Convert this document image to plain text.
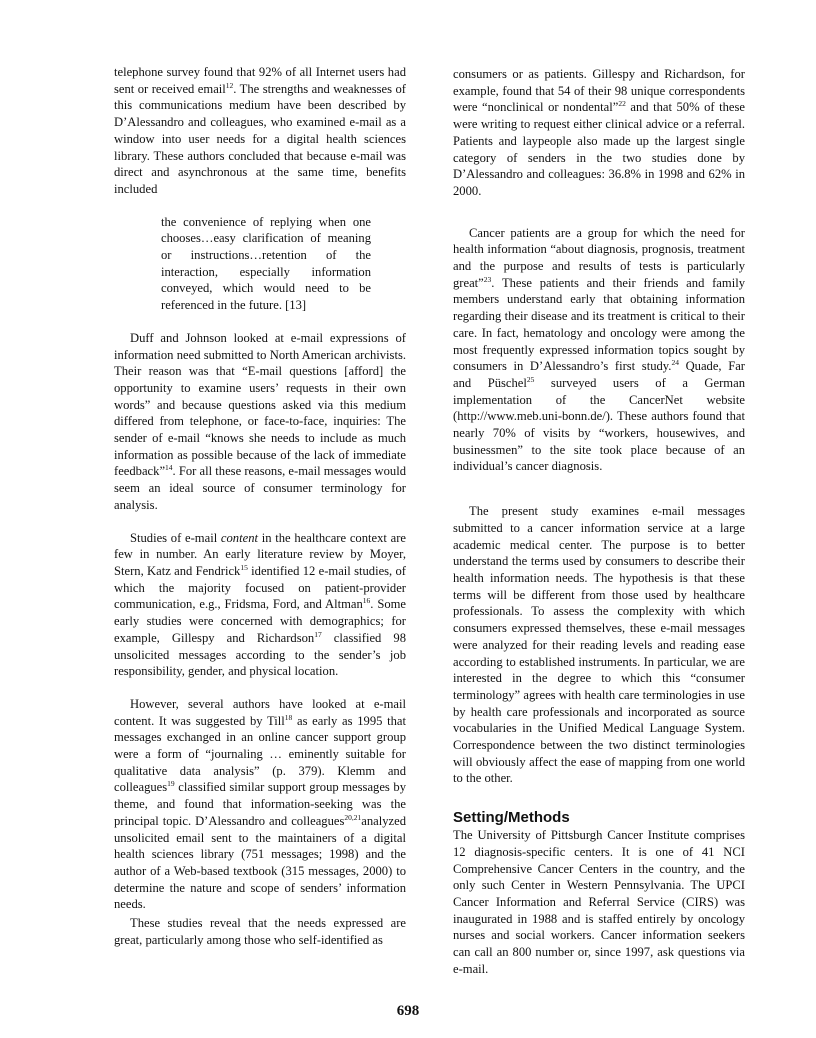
telephone survey found that 92% of all Internet users had sent or received email$^{12}$. The strengths and weaknesses of this communications medium have been described by D’Alessandro and colleagues, who examined e-mail as a window into user needs for a digital health sciences library. These authors concluded that because e-mail was direct and asynchronous at the same time, benefits included

the convenience of replying when one chooses…easy clarification of meaning or instructions…retention of the interaction, especially information conveyed, which would need to be referenced in the future. [13]

Duff and Johnson looked at e-mail expressions of information need submitted to North American archivists. Their reason was that “E-mail questions [afford] the opportunity to examine users’ requests in their own words” and because questions asked via this medium differed from telephone, or face-to-face, inquiries: The sender of e-mail “knows she needs to include as much information as possible because of the lack of immediate feedback”$^{14}$. For all these reasons, e-mail messages would seem an ideal source of consumer terminology for analysis.

Studies of e-mail content in the healthcare context are few in number. An early literature review by Moyer, Stern, Katz and Fendrick$^{15}$ identified 12 e-mail studies, of which the majority focused on patient-provider communication, e.g., Fridsma, Ford, and Altman$^{16}$. Some early studies were concerned with demographics; for example, Gillespy and Richardson$^{17}$ classified 98 unsolicited messages according to the sender’s job responsibility, gender, and physical location.

However, several authors have looked at e-mail content. It was suggested by Till$^{18}$ as early as 1995 that messages exchanged in an online cancer support group were a form of “journaling … eminently suitable for qualitative data analysis” (p. 379). Klemm and colleagues$^{19}$ classified similar support group messages by theme, and found that information-seeking was the principal topic. D’Alessandro and colleagues$^{20,21}$analyzed unsolicited email sent to the maintainers of a digital health sciences library (751 messages; 1998) and the author of a Web-based textbook (315 messages, 2000) to determine the nature and scope of senders’ information needs.

These studies reveal that the needs expressed are great, particularly among those who self-identified as

consumers or as patients. Gillespy and Richardson, for example, found that 54 of their 98 unique correspondents were “nonclinical or nondental”$^{22}$ and that 50% of these were writing to request either clinical advice or a referral. Patients and laypeople also made up the largest single category of senders in the two studies done by D’Alessandro and colleagues: 36.8% in 1998 and 62% in 2000.

Cancer patients are a group for which the need for health information “about diagnosis, prognosis, treatment and the purpose and results of tests is particularly great”$^{23}$. These patients and their friends and family members understand early that obtaining information regarding their disease and its treatment is critical to their care. In fact, hematology and oncology were among the most frequently expressed information topics sought by consumers in D’Alessandro’s first study.$^{24}$ Quade, Far and Püschel$^{25}$ surveyed users of a German implementation of the CancerNet website (http://www.meb.uni-bonn.de/). These authors found that nearly 70% of visits by “workers, housewives, and businessmen” to the site took place because of an individual’s cancer diagnosis.

The present study examines e-mail messages submitted to a cancer information service at a large academic medical center. The purpose is to better understand the terms used by consumers to describe their health information needs. The hypothesis is that these terms will be different from those used by healthcare professionals. To assess the complexity with which consumers expressed themselves, these e-mail messages were analyzed for their reading levels and reading ease according to established instruments. In particular, we are interested in the degree to which this “consumer terminology” agrees with health care terminologies in use by health care professionals and incorporated as source vocabularies in the Unified Medical Language System. Correspondence between the two distinct terminologies will obviously affect the ease of mapping from one world to the other.

Setting/Methods

The University of Pittsburgh Cancer Institute comprises 12 diagnosis-specific centers. It is one of 41 NCI Comprehensive Cancer Centers in the country, and the only such Center in Western Pennsylvania. The UPCI Cancer Information and Referral Service (CIRS) was inaugurated in 1988 and is staffed entirely by oncology nurses and social workers. Cancer information seekers can call an 800 number or, since 1997, ask questions via e-mail.

698
